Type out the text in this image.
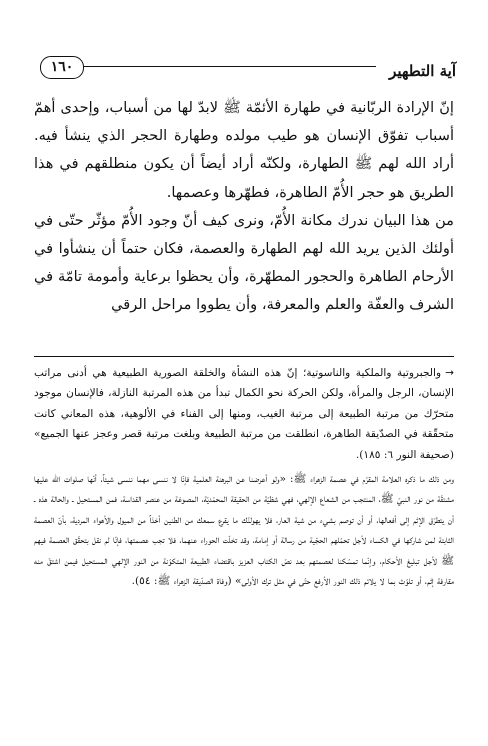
آية التطهير
١٦٠

إنّ الإرادة الربّانية في طهارة الأئمّة ﷺ لابدّ لها من أسباب، وإحدى أهمّ أسباب تفوّق الإنسان هو طيب مولده وطهارة الحجر الذي ينشأ فيه. أراد الله لهم ﷺ الطهارة، ولكنّه أراد أيضاً أن يكون منطلقهم في هذا الطريق هو حجر الأُمّ الطاهرة، فطهّرها وعصمها.

من هذا البيان ندرك مكانة الأُمّ، ونرى كيف أنّ وجود الأُمّ مؤثّر حتّى في أولئك الذين يريد الله لهم الطهارة والعصمة، فكان حتماً أن ينشأوا في الأرحام الطاهرة والحجور المطهّرة، وأن يحظوا برعاية وأمومة تامّة في الشرف والعفّة والعلم والمعرفة، وأن يطووا مراحل الرقي

→والجبروتية والملكية والناسوتية؛ إنّ هذه النشأة والخلقة الصورية الطبيعية هي أدنى مراتب الإنسان، الرجل والمرأة، ولكن الحركة نحو الكمال تبدأ من هذه المرتبة النازلة، فالإنسان موجود متحرّك من مرتبة الطبيعة إلى مرتبة الغيب، ومنها إلى الفناء في الألوهية، هذه المعاني كانت متحقّقة في الصدّيقة الطاهرة، انطلقت من مرتبة الطبيعة وبلغت مرتبة قصر وعجز عنها الجميع» (صحيفة النور ٦: ١٨٥).

ومن ذلك ما ذكره العلامة المقرّم في عصمة الزهراء ﷺ: «ولو أعرضنا عن البرهنة العلمية فإنّا لا ننسى مهما ننسى شيئاً، أنّها صلوات الله عليها مشتقّة من نور النبيّ ﷺ، المنتجب من الشعاع الإلهي، فهي شظيّة من الحقيقة المحمّديّة، المصوغة من عنصر القداسة، فمن المستحيل ـ والحالة هذه ـ أن يتطرّق الإثم إلى أفعالها، أو أن توصم بشيء من شية العار، فلا يهولنّك ما يقرع سمعك من الطنين أخذاً من الميول والأهواء المردية، بأنّ العصمة الثابتة لمن شاركها في الكساء لأجل تحمّلهم الحجّية من رسالة أو إمامة، وقد تخلّت الحوراء عنهما، فلا تجب عصمتها، فإنّا لم نقل بتحقّق العصمة فيهم ﷺ لأجل تبليغ الأحكام، وإنّما تمسّكنا لعصمتهم بعد نصّ الكتاب العزيز باقتضاء الطبيعة المتكوّنة من النور الإلهي المستحيل فيمن اشتقّ منه مقارفة إثم، أو تلوّث بما لا يلائم ذلك النور الأرفع حتّى في مثل ترك الأولى» (وفاة الصدّيقة الزهراء ﷺ: ٥٤).
